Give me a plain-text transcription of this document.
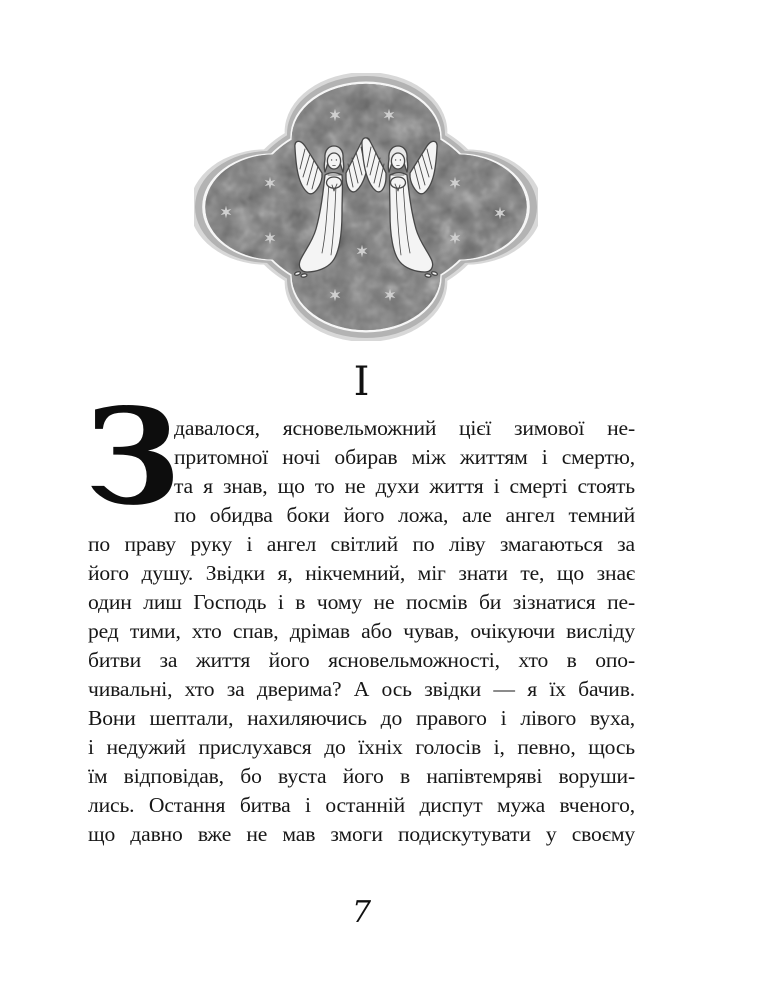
I
З
давалося, ясновельможний цієї зимової не-
притомної ночі обирав між життям і смертю,
та я знав, що то не духи життя і смерті стоять
по обидва боки його ложа, але ангел темний
по праву руку і ангел світлий по ліву змагаються за
його душу. Звідки я, нікчемний, міг знати те, що знає
один лиш Господь і в чому не посмів би зізнатися пе-
ред тими, хто спав, дрімав або чував, очікуючи висліду
битви за життя його ясновельможності, хто в опо-
чивальні, хто за дверима? А ось звідки — я їх бачив.
Вони шептали, нахиляючись до правого і лівого вуха,
і недужий прислухався до їхніх голосів і, певно, щось
їм відповідав, бо вуста його в напівтемряві воруши-
лись. Остання битва і останній диспут мужа вченого,
що давно вже не мав змоги подискутувати у своєму
7
